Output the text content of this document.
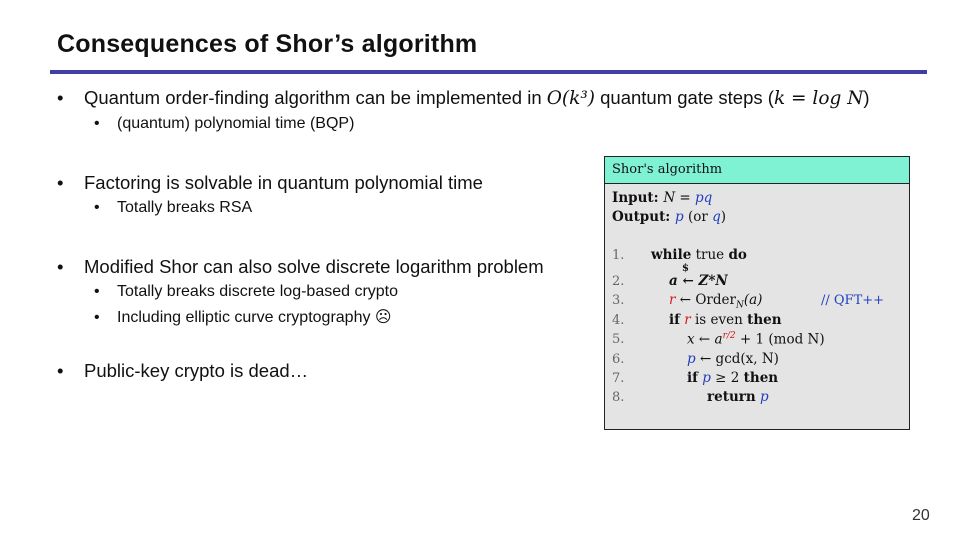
Consequences of Shor’s algorithm
• Quantum order-finding algorithm can be implemented in O(k³) quantum gate steps (k = log N)
• (quantum) polynomial time (BQP)
• Factoring is solvable in quantum polynomial time
• Totally breaks RSA
• Modified Shor can also solve discrete logarithm problem
• Totally breaks discrete log-based crypto
• Including elliptic curve cryptography ☹
• Public-key crypto is dead…
Shor's algorithm
Input: N = pq
Output: p (or q)
1. while true do
$
2.	a ← Z*N
3.	r ← Order$_N$(a)	// QFT++
4.	if r is even then
5.	x ← $a^{r/2} + 1$ (mod N)
6.	p ← gcd(x, N)
7.	if p ≥ 2 then
8.	return p
20
